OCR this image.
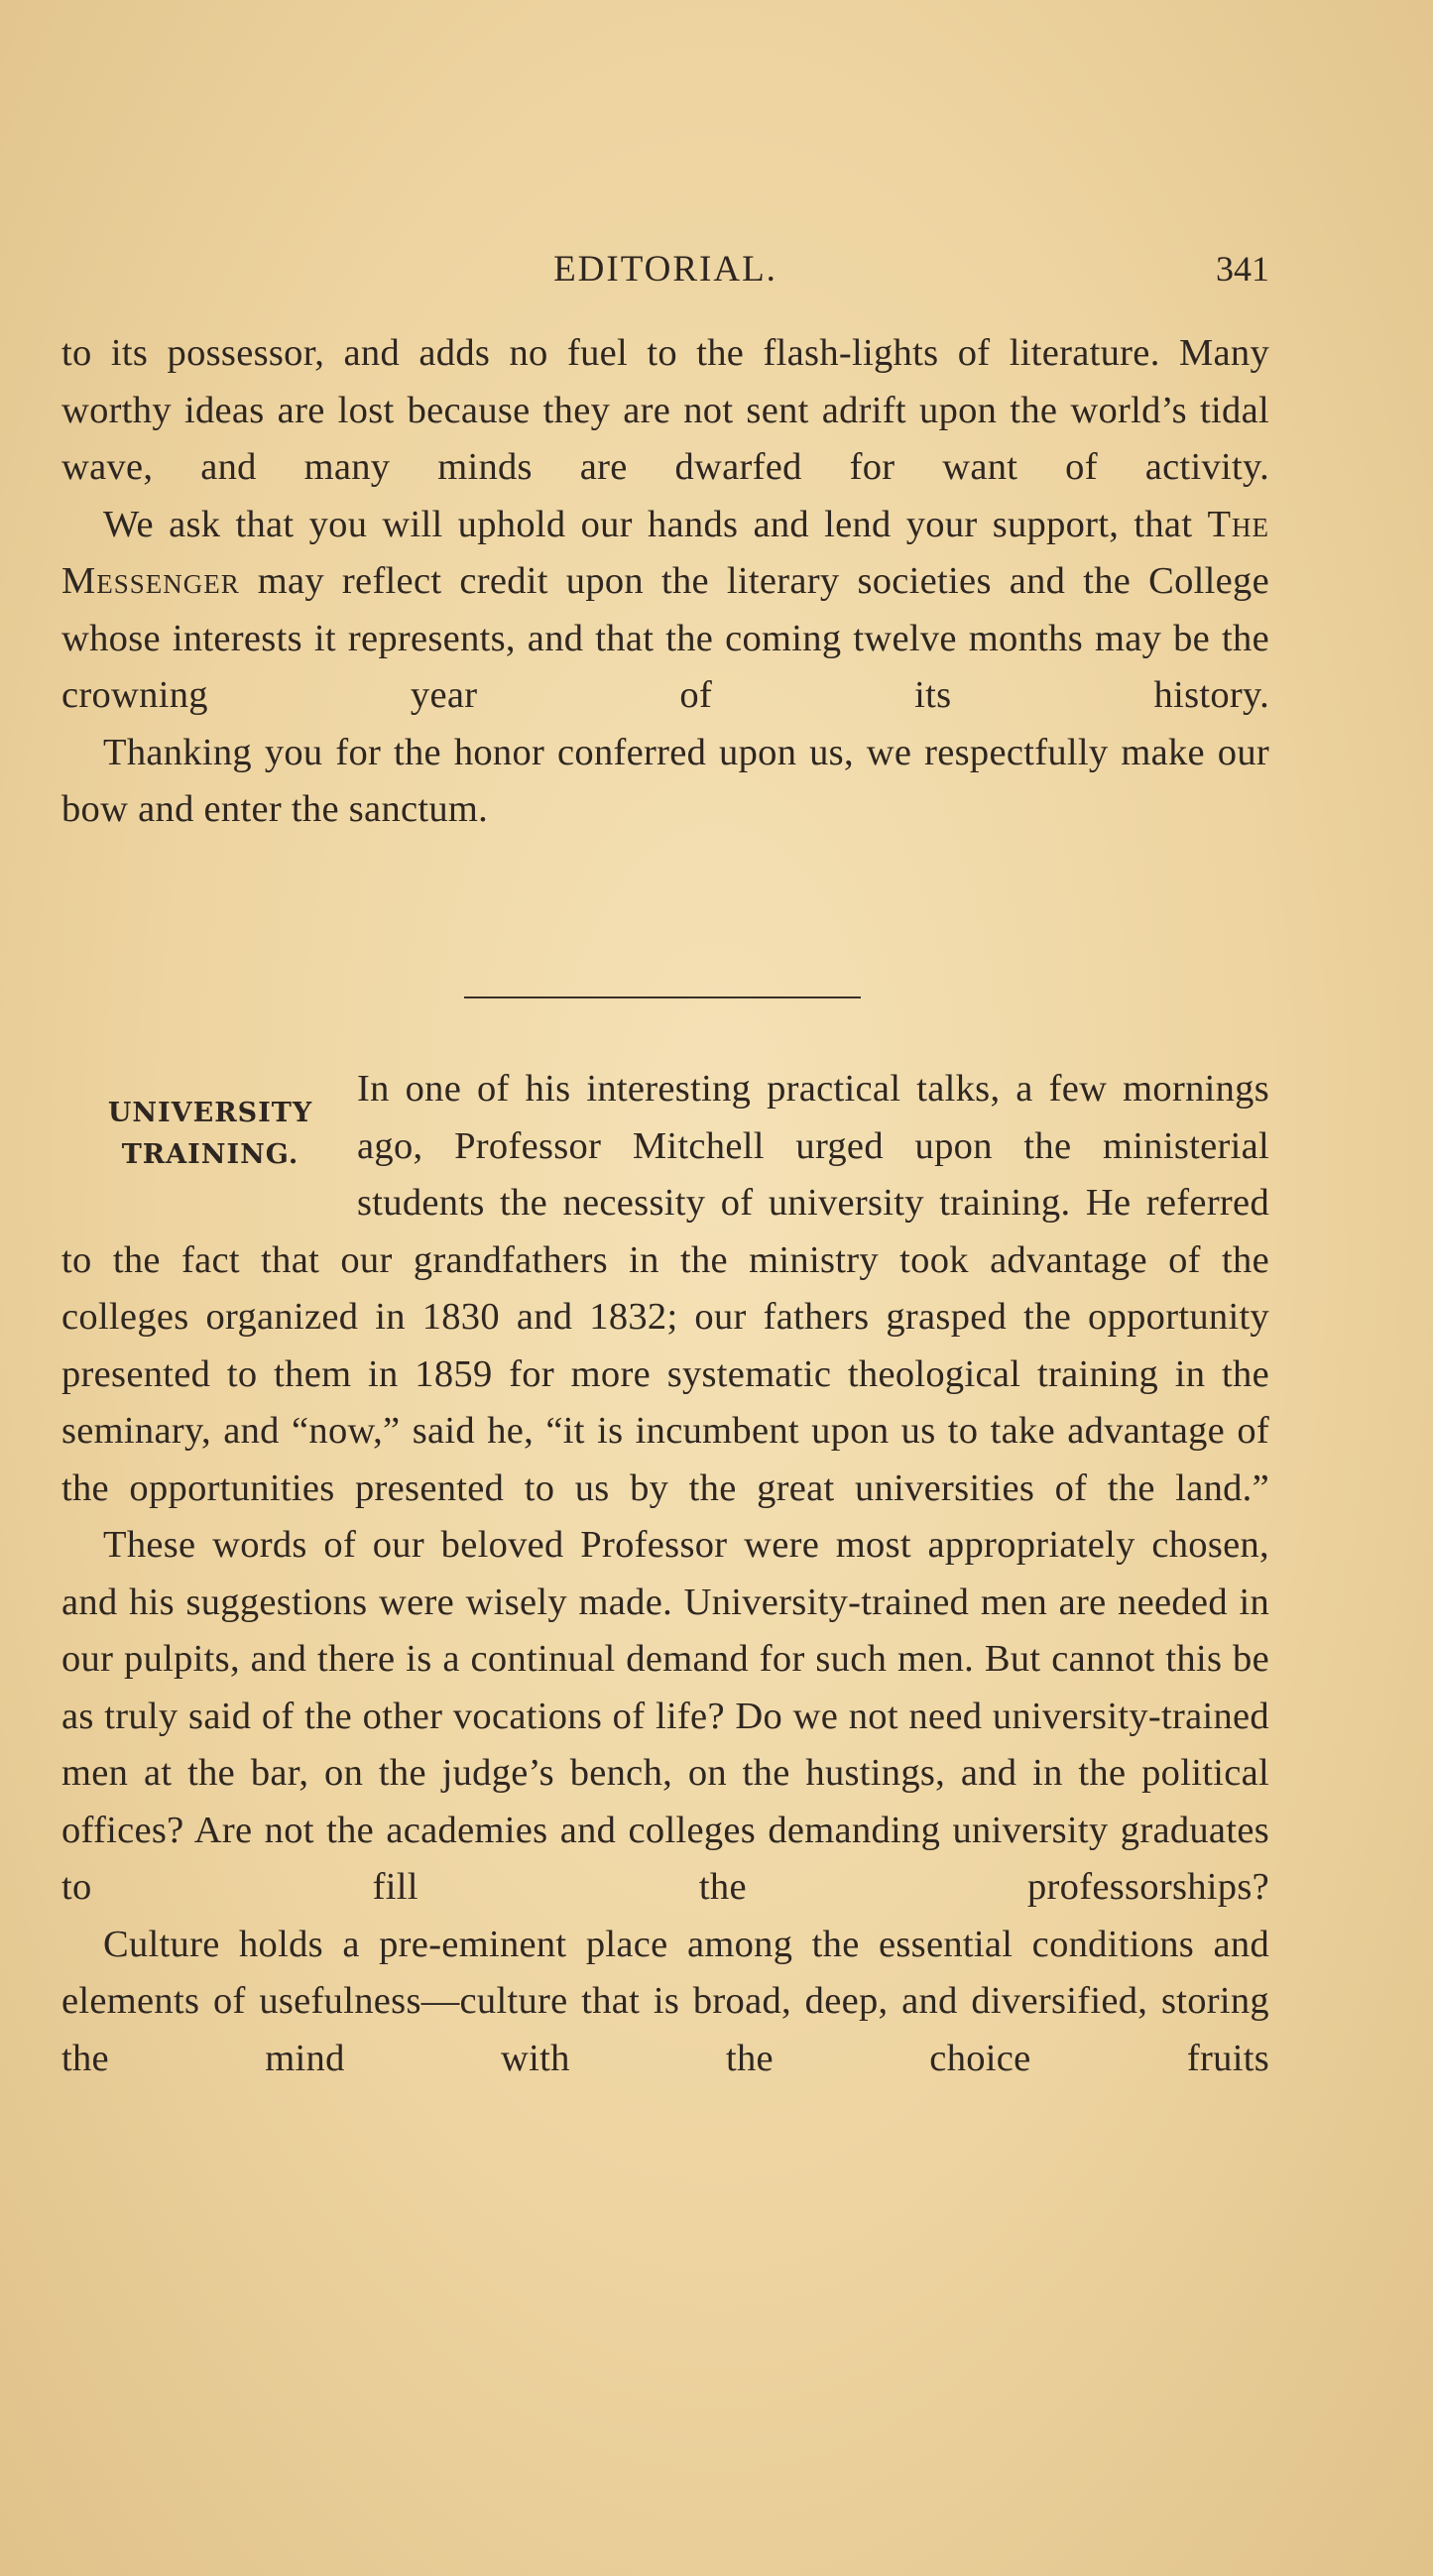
EDITORIAL.	341

to its possessor, and adds no fuel to the flash-lights of literature. Many worthy ideas are lost because they are not sent adrift upon the world’s tidal wave, and many minds are dwarfed for want of activity.

We ask that you will uphold our hands and lend your support, that The Messenger may reflect credit upon the literary societies and the College whose interests it represents, and that the coming twelve months may be the crowning year of its history.

Thanking you for the honor conferred upon us, we respectfully make our bow and enter the sanctum.

UNIVERSITY
TRAINING.

In one of his interesting practical talks, a few mornings ago, Professor Mitchell urged upon the ministerial students the necessity of university training. He referred to the fact that our grandfathers in the ministry took advantage of the colleges organized in 1830 and 1832; our fathers grasped the opportunity presented to them in 1859 for more systematic theological training in the seminary, and “now,” said he, “it is incumbent upon us to take advantage of the opportunities presented to us by the great universities of the land.”

These words of our beloved Professor were most appropriately chosen, and his suggestions were wisely made. University-trained men are needed in our pulpits, and there is a continual demand for such men. But cannot this be as truly said of the other vocations of life? Do we not need university-trained men at the bar, on the judge’s bench, on the hustings, and in the political offices? Are not the academies and colleges demanding university graduates to fill the professorships?

Culture holds a pre-eminent place among the essential conditions and elements of usefulness—culture that is broad, deep, and diversified, storing the mind with the choice fruits
